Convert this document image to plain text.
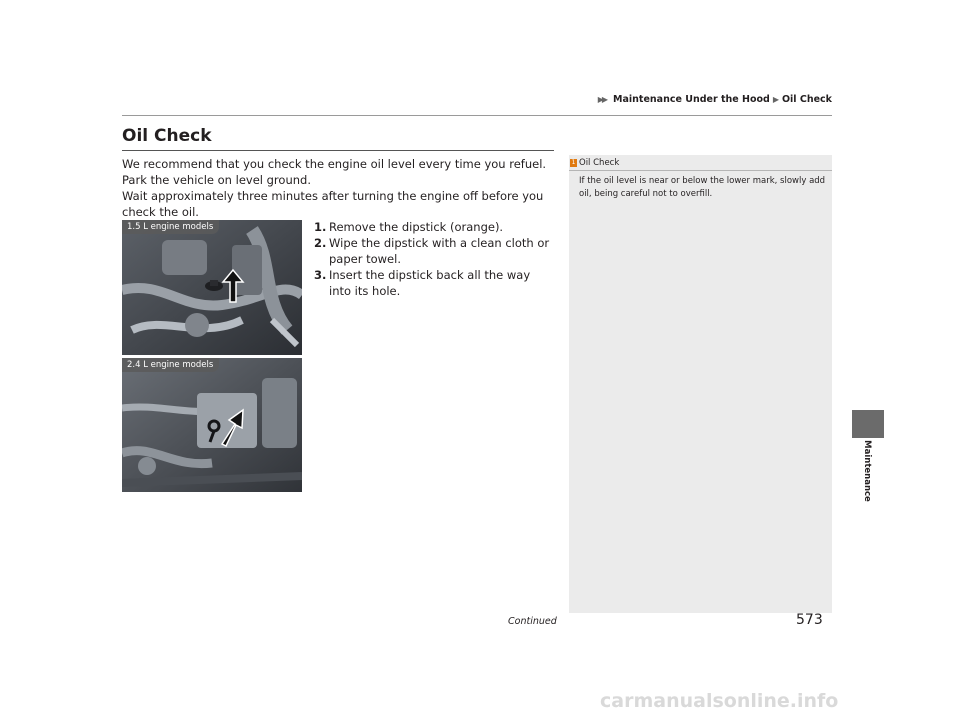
▶▶ Maintenance Under the Hood ▶ Oil Check
Oil Check

We recommend that you check the engine oil level every time you refuel.

Park the vehicle on level ground.

Wait approximately three minutes after turning the engine off before you check the oil.

1.5 L engine models
2.4 L engine models
1. Remove the dipstick (orange).
2. Wipe the dipstick with a clean cloth or paper towel.
3. Insert the dipstick back all the way into its hole.
1 Oil Check
If the oil level is near or below the lower mark, slowly add oil, being careful not to overfill.
Maintenance
Continued	573
carmanualsonline.info
